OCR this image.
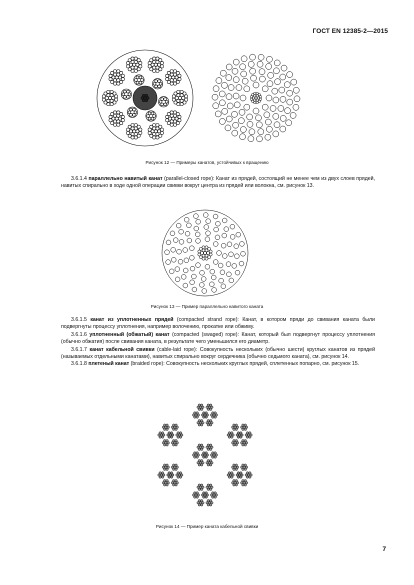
ГОСТ EN 12385-2—2015
Рисунок 12 — Примеры канатов, устойчивых к вращению

3.6.1.4 параллельно навитый канат (parallel-closed rope): Канат из прядей, состоящий не менее чем из двух слоев прядей, навитых спирально в ходе одной операции свивки вокруг центра из прядей или волокна, см. рисунок 13.

Рисунок 13 — Пример параллельно навитого каната

3.6.1.5 канат из уплотненных прядей (compacted strand rope): Канат, в котором пряди до свивания каната были подвергнуты процессу уплотнения, например волочению, прокатке или обжиму.

3.6.1.6 уплотненный (обжатый) канат (compacted (swaged) rope): Канат, который был подвергнут процессу уплотнения (обычно обжатия) после свивания каната, в результате чего уменьшился его диаметр.

3.6.1.7 канат кабельной свивки (cable-laid rope): Совокупность нескольких (обычно шести) круглых канатов из прядей (называемых отдельными канатами), навитых спирально вокруг сердечника (обычно седьмого каната), см. рисунок 14.

3.6.1.8 плетеный канат (braided rope): Совокупность нескольких круглых прядей, сплетенных попарно, см. рисунок 15.

Рисунок 14 — Пример каната кабельной свивки
7
